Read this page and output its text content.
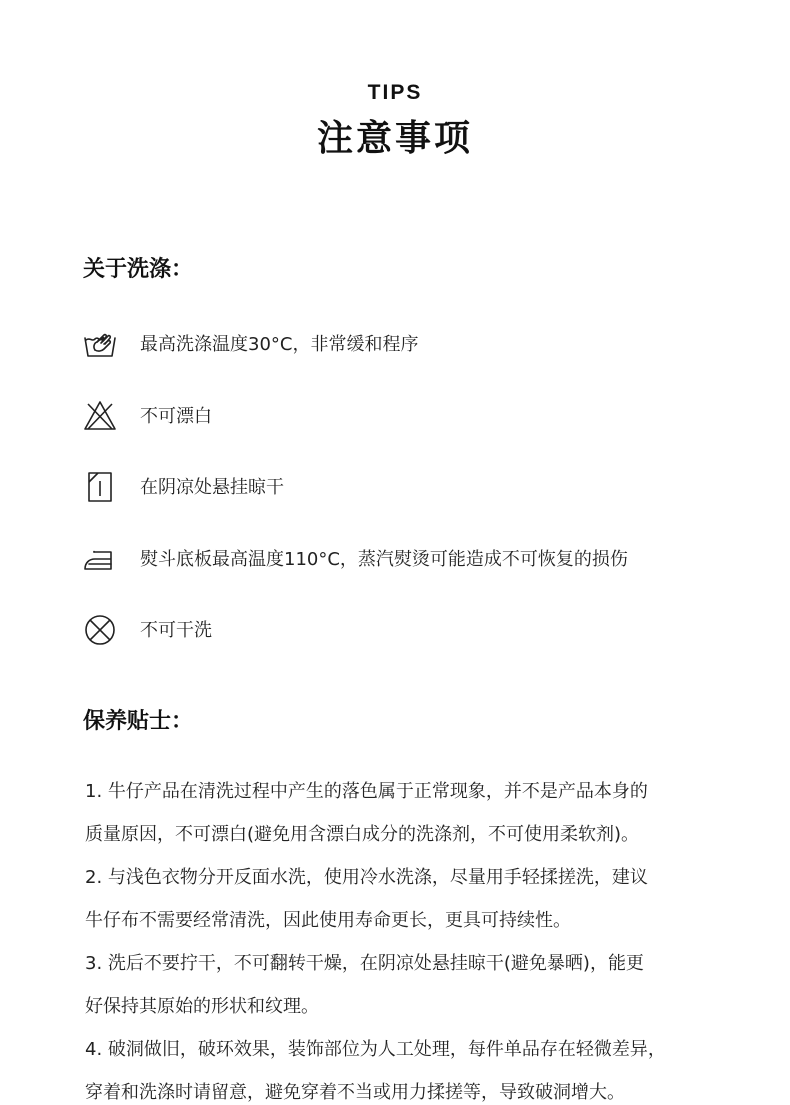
TIPS
注意事项
关于洗涤：
最高洗涤温度30°C，非常缓和程序
不可漂白
在阴凉处悬挂晾干
熨斗底板最高温度110°C，蒸汽熨烫可能造成不可恢复的损伤
不可干洗
保养贴士：

1. 牛仔产品在清洗过程中产生的落色属于正常现象，并不是产品本身的
质量原因，不可漂白(避免用含漂白成分的洗涤剂，不可使用柔软剂)。

2. 与浅色衣物分开反面水洗，使用冷水洗涤，尽量用手轻揉搓洗，建议
牛仔布不需要经常清洗，因此使用寿命更长，更具可持续性。

3. 洗后不要拧干，不可翻转干燥，在阴凉处悬挂晾干(避免暴晒)，能更
好保持其原始的形状和纹理。

4. 破洞做旧，破环效果，装饰部位为人工处理，每件单品存在轻微差异，
穿着和洗涤时请留意，避免穿着不当或用力揉搓等，导致破洞增大。
